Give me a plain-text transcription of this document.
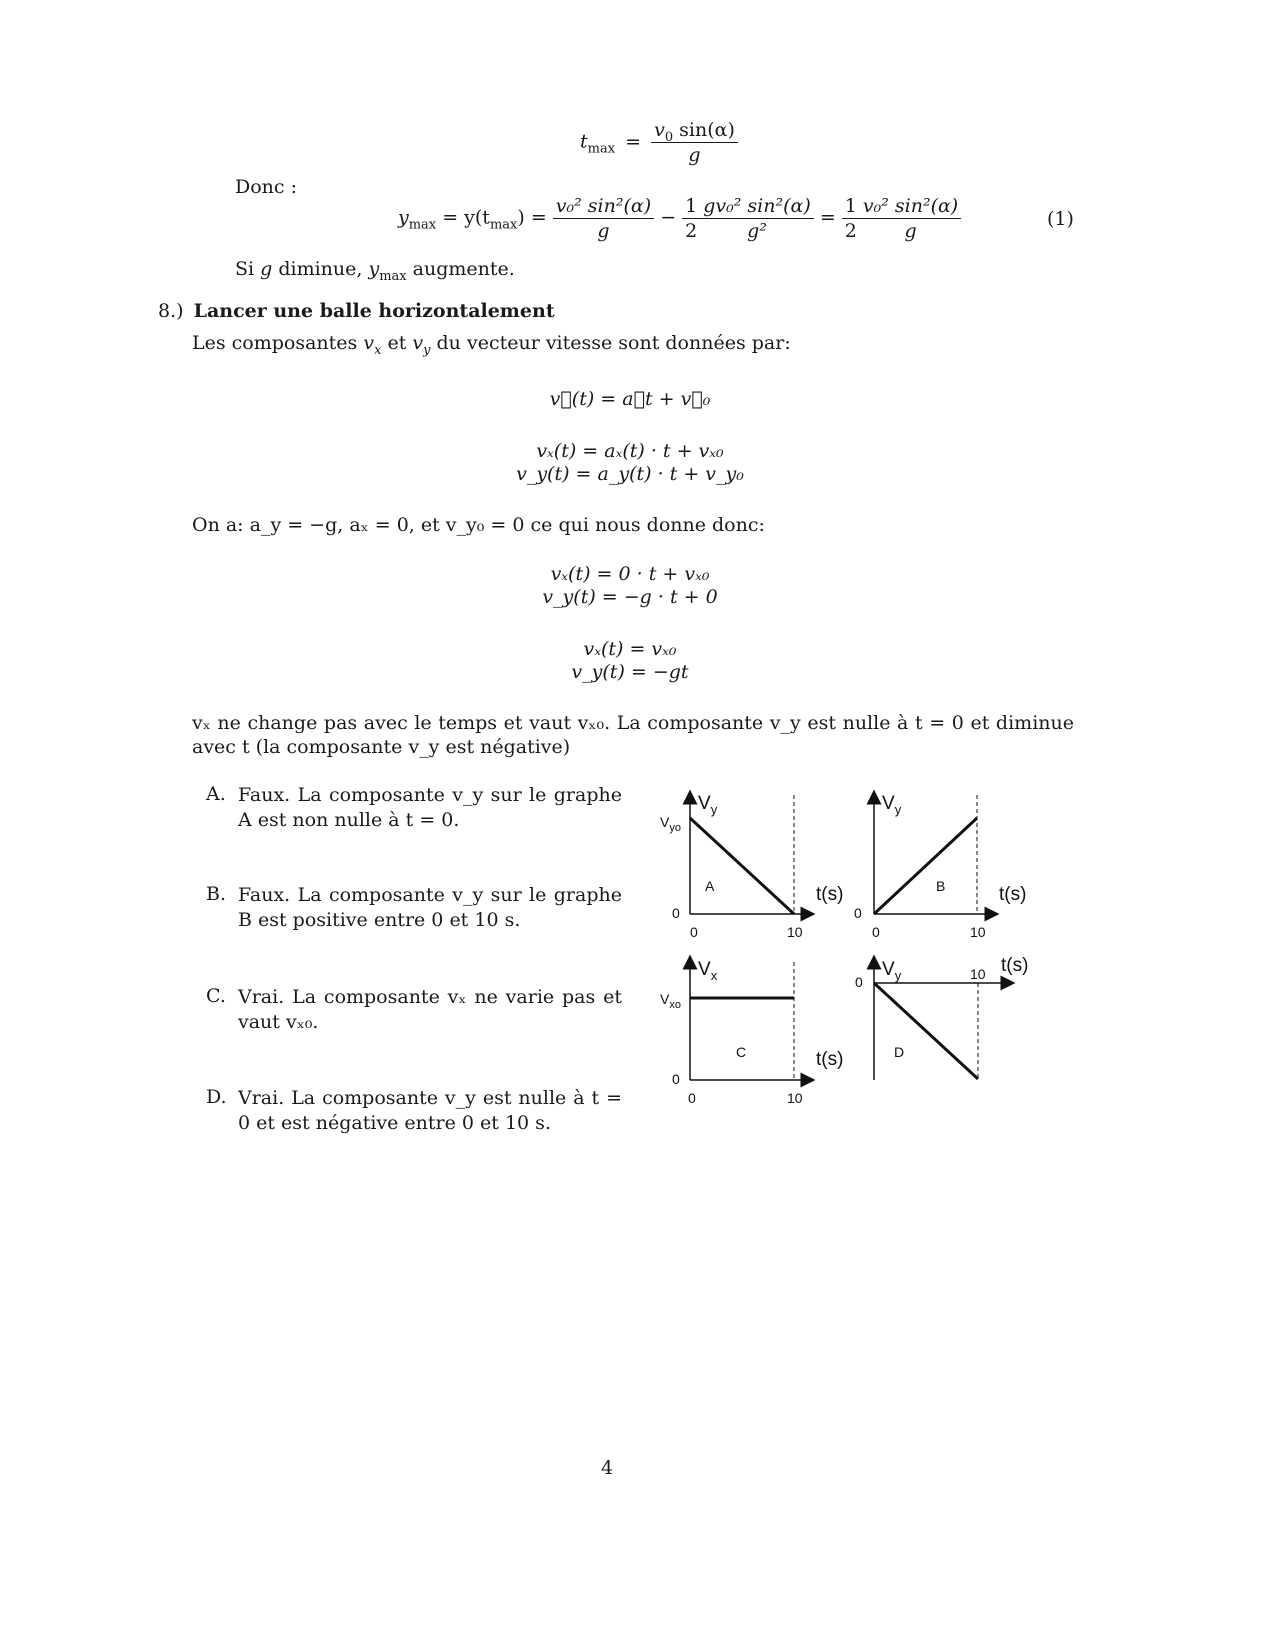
$t_{max} = \frac{v_0 \sin(\alpha)}{g}$
Donc :
$y_{max} = y(t_{max}) = \frac{\text{v₀² sin²(α)}}{g} - \frac{1}{2} \frac{\text{gv₀² sin²(α)}}{\text{g²}} = \frac{1}{2} \frac{\text{v₀² sin²(α)}}{g}$	(1)
Si g diminue, $y_{max}$ augmente.
8.) Lancer une balle horizontalement
Les composantes $v_x$ et $v_y$ du vecteur vitesse sont données par:
v⃗(t) = a⃗t + v⃗₀
vₓ(t) = aₓ(t) · t + vₓ₀
v_y(t) = a_y(t) · t + v_y₀
On a: a_y = −g, aₓ = 0, et v_y₀ = 0 ce qui nous donne donc:
vₓ(t) = 0 · t + vₓ₀
v_y(t) = −g · t + 0
vₓ(t) = vₓ₀
v_y(t) = −gt
vₓ ne change pas avec le temps et vaut vₓ₀. La composante v_y est nulle à t = 0 et diminue avec t (la composante v_y est négative)
A. Faux. La composante v_y sur le graphe A est non nulle à t = 0.
B. Faux. La composante v_y sur le graphe B est positive entre 0 et 10 s.
C. Vrai. La composante vₓ ne varie pas et vaut vₓ₀.
D. Vrai. La composante v_y est nulle à t = 0 et est négative entre 0 et 10 s.
$V_y$
$V_{yo}$
A	t(s)
0
0	10
$V_y$
B	t(s)
0
0	10
$V_x$
$V_{xo}$
C	t(s)
0
0	10
$V_y$
D
t(s)
0	10
4
